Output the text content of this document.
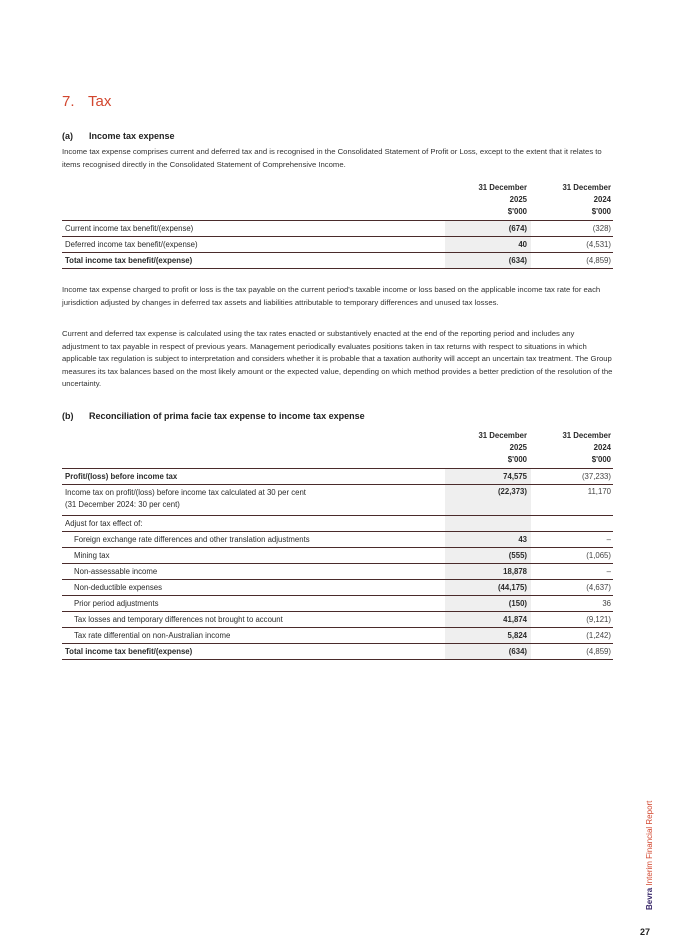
7. Tax
(a) Income tax expense

Income tax expense comprises current and deferred tax and is recognised in the Consolidated Statement of Profit or Loss, except to the extent that it relates to items recognised directly in the Consolidated Statement of Comprehensive Income.

	31 December
2025
$'000	31 December
2024
$'000
Current income tax benefit/(expense)	(674)	(328)
Deferred income tax benefit/(expense)	40	(4,531)
Total income tax benefit/(expense)	(634)	(4,859)

Income tax expense charged to profit or loss is the tax payable on the current period's taxable income or loss based on the applicable income tax rate for each jurisdiction adjusted by changes in deferred tax assets and liabilities attributable to temporary differences and unused tax losses.

Current and deferred tax expense is calculated using the tax rates enacted or substantively enacted at the end of the reporting period and includes any adjustment to tax payable in respect of previous years. Management periodically evaluates positions taken in tax returns with respect to situations in which applicable tax regulation is subject to interpretation and considers whether it is probable that a taxation authority will accept an uncertain tax treatment. The Group measures its tax balances based on the most likely amount or the expected value, depending on which method provides a better prediction of the resolution of the uncertainty.

(b) Reconciliation of prima facie tax expense to income tax expense
	31 December
2025
$'000	31 December
2024
$'000
Profit/(loss) before income tax	74,575	(37,233)
Income tax on profit/(loss) before income tax calculated at 30 per cent
(31 December 2024: 30 per cent)	(22,373)	11,170
Adjust for tax effect of:		
Foreign exchange rate differences and other translation adjustments	43	–
Mining tax	(555)	(1,065)
Non-assessable income	18,878	–
Non-deductible expenses	(44,175)	(4,637)
Prior period adjustments	(150)	36
Tax losses and temporary differences not brought to account	41,874	(9,121)
Tax rate differential on non-Australian income	5,824	(1,242)
Total income tax benefit/(expense)	(634)	(4,859)
Bevra Interim Financial Report
27
